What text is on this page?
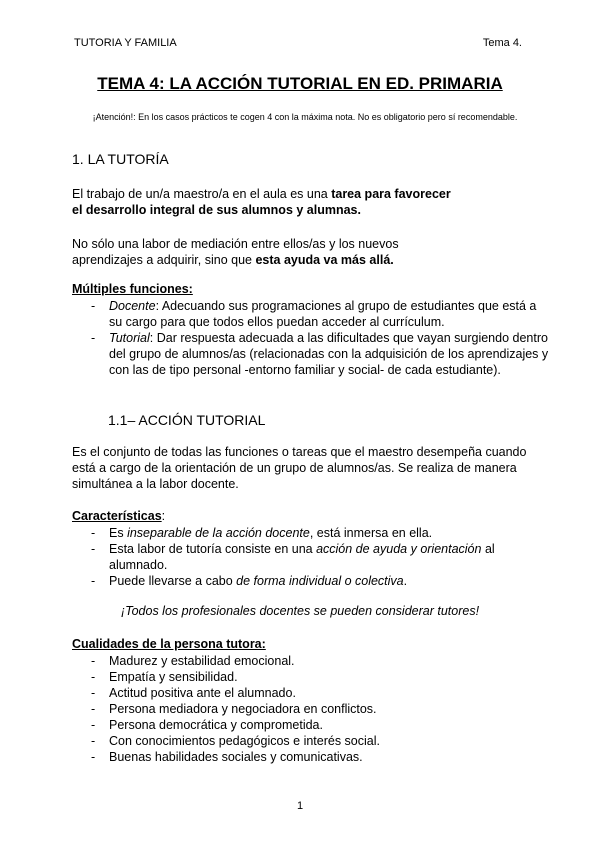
TUTORIA Y FAMILIA	Tema 4.
TEMA 4: LA ACCIÓN TUTORIAL EN ED. PRIMARIA
¡Atención!: En los casos prácticos te cogen 4 con la máxima nota. No es obligatorio pero sí recomendable.
1. LA TUTORÍA
El trabajo de un/a maestro/a en el aula es una tarea para favorecer
el desarrollo integral de sus alumnos y alumnas.
No sólo una labor de mediación entre ellos/as y los nuevos
aprendizajes a adquirir, sino que esta ayuda va más allá.
Múltiples funciones:
- Docente: Adecuando sus programaciones al grupo de estudiantes que está a su cargo para que todos ellos puedan acceder al currículum.
- Tutorial: Dar respuesta adecuada a las dificultades que vayan surgiendo dentro del grupo de alumnos/as (relacionadas con la adquisición de los aprendizajes y con las de tipo personal -entorno familiar y social- de cada estudiante).
1.1– ACCIÓN TUTORIAL
Es el conjunto de todas las funciones o tareas que el maestro desempeña cuando está a cargo de la orientación de un grupo de alumnos/as. Se realiza de manera simultánea a la labor docente.
Características:
- Es inseparable de la acción docente, está inmersa en ella.
- Esta labor de tutoría consiste en una acción de ayuda y orientación al alumnado.
- Puede llevarse a cabo de forma individual o colectiva.
¡Todos los profesionales docentes se pueden considerar tutores!
Cualidades de la persona tutora:
- Madurez y estabilidad emocional.
- Empatía y sensibilidad.
- Actitud positiva ante el alumnado.
- Persona mediadora y negociadora en conflictos.
- Persona democrática y comprometida.
- Con conocimientos pedagógicos e interés social.
- Buenas habilidades sociales y comunicativas.
1
